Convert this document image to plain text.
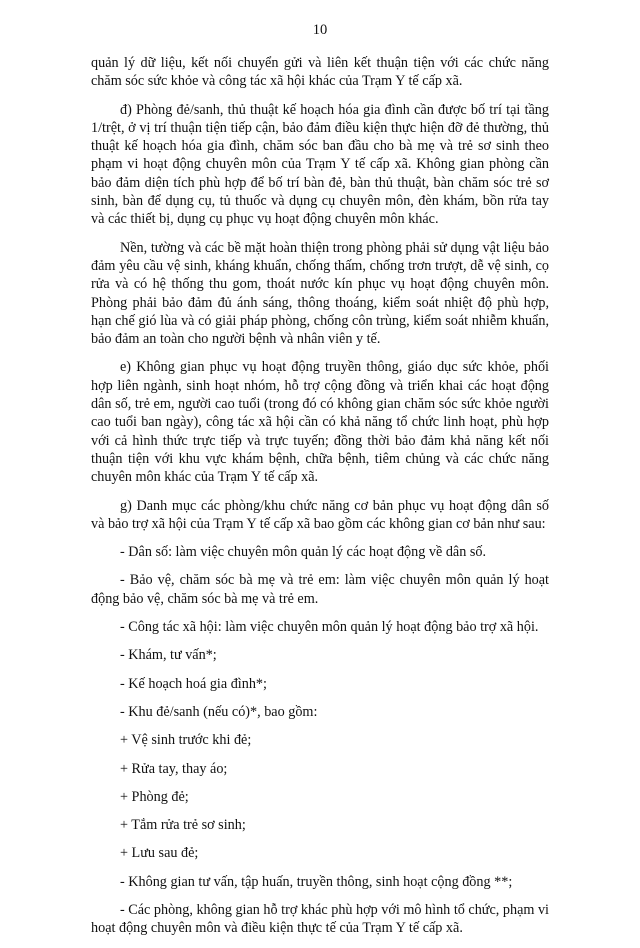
10

quản lý dữ liệu, kết nối chuyển gửi và liên kết thuận tiện với các chức năng chăm sóc sức khỏe và công tác xã hội khác của Trạm Y tế cấp xã.

đ) Phòng đẻ/sanh, thủ thuật kế hoạch hóa gia đình cần được bố trí tại tầng 1/trệt, ở vị trí thuận tiện tiếp cận, bảo đảm điều kiện thực hiện đỡ đẻ thường, thủ thuật kế hoạch hóa gia đình, chăm sóc ban đầu cho bà mẹ và trẻ sơ sinh theo phạm vi hoạt động chuyên môn của Trạm Y tế cấp xã. Không gian phòng cần bảo đảm diện tích phù hợp để bố trí bàn đẻ, bàn thủ thuật, bàn chăm sóc trẻ sơ sinh, bàn để dụng cụ, tủ thuốc và dụng cụ chuyên môn, đèn khám, bồn rửa tay và các thiết bị, dụng cụ phục vụ hoạt động chuyên môn khác.

Nền, tường và các bề mặt hoàn thiện trong phòng phải sử dụng vật liệu bảo đảm yêu cầu vệ sinh, kháng khuẩn, chống thấm, chống trơn trượt, dễ vệ sinh, cọ rửa và có hệ thống thu gom, thoát nước kín phục vụ hoạt động chuyên môn. Phòng phải bảo đảm đủ ánh sáng, thông thoáng, kiểm soát nhiệt độ phù hợp, hạn chế gió lùa và có giải pháp phòng, chống côn trùng, kiểm soát nhiễm khuẩn, bảo đảm an toàn cho người bệnh và nhân viên y tế.

e) Không gian phục vụ hoạt động truyền thông, giáo dục sức khỏe, phối hợp liên ngành, sinh hoạt nhóm, hỗ trợ cộng đồng và triển khai các hoạt động dân số, trẻ em, người cao tuổi (trong đó có không gian chăm sóc sức khỏe người cao tuổi ban ngày), công tác xã hội cần có khả năng tổ chức linh hoạt, phù hợp với cả hình thức trực tiếp và trực tuyến; đồng thời bảo đảm khả năng kết nối thuận tiện với khu vực khám bệnh, chữa bệnh, tiêm chủng và các chức năng chuyên môn khác của Trạm Y tế cấp xã.

g) Danh mục các phòng/khu chức năng cơ bản phục vụ hoạt động dân số và bảo trợ xã hội của Trạm Y tế cấp xã bao gồm các không gian cơ bản như sau:

- Dân số: làm việc chuyên môn quản lý các hoạt động về dân số.

- Bảo vệ, chăm sóc bà mẹ và trẻ em: làm việc chuyên môn quản lý hoạt động bảo vệ, chăm sóc bà mẹ và trẻ em.

- Công tác xã hội: làm việc chuyên môn quản lý hoạt động bảo trợ xã hội.

- Khám, tư vấn*;

- Kế hoạch hoá gia đình*;

- Khu đẻ/sanh (nếu có)*, bao gồm:

+ Vệ sinh trước khi đẻ;

+ Rửa tay, thay áo;

+ Phòng đẻ;

+ Tắm rửa trẻ sơ sinh;

+ Lưu sau đẻ;

- Không gian tư vấn, tập huấn, truyền thông, sinh hoạt cộng đồng **;

- Các phòng, không gian hỗ trợ khác phù hợp với mô hình tổ chức, phạm vi hoạt động chuyên môn và điều kiện thực tế của Trạm Y tế cấp xã.
